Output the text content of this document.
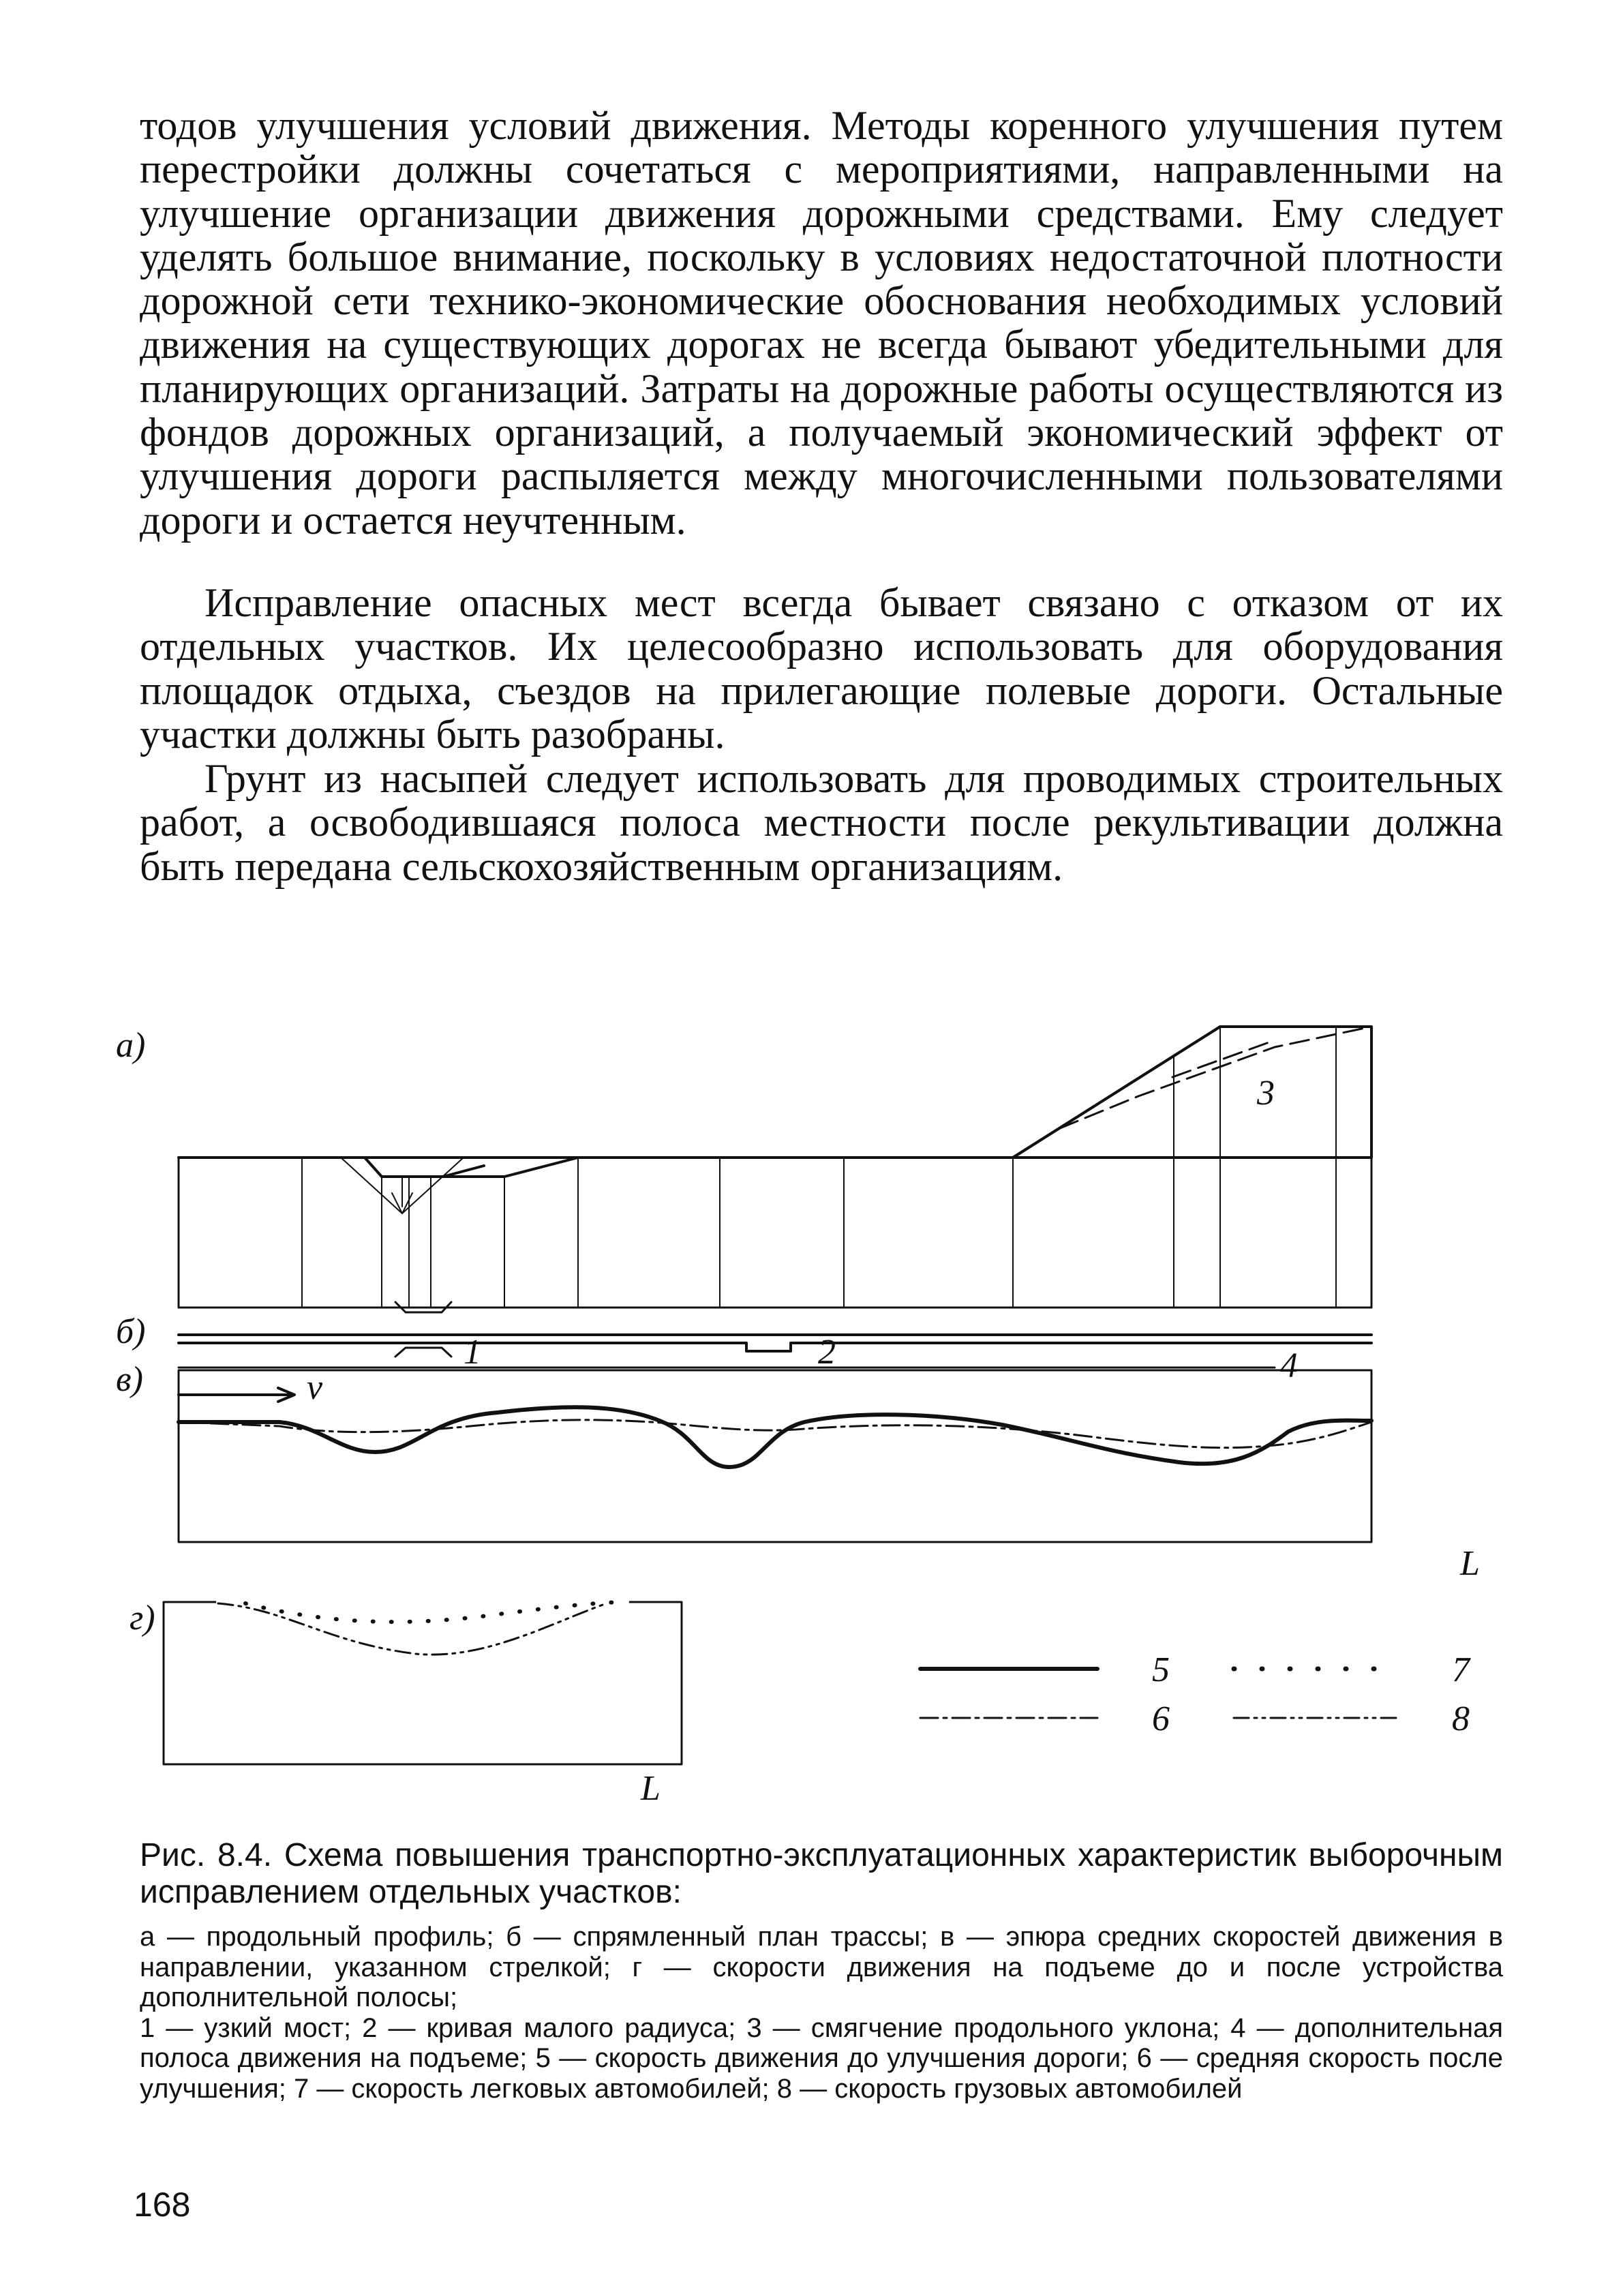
тодов улучшения условий движения. Методы коренного улучшения путем перестройки должны сочетаться с мероприятиями, направленными на улучшение организации движения дорожными средствами. Ему следует уделять большое внимание, поскольку в условиях недостаточной плотности дорожной сети технико-экономические обоснования необходимых условий движения на существующих дорогах не всегда бывают убедительными для планирующих организаций. Затраты на дорожные работы осуществляются из фондов дорожных организаций, а получаемый экономический эффект от улучшения дороги распыляется между многочисленными пользователями дороги и остается неучтенным.

Исправление опасных мест всегда бывает связано с отказом от их отдельных участков. Их целесообразно использовать для оборудования площадок отдыха, съездов на прилегающие полевые дороги. Остальные участки должны быть разобраны.

Грунт из насыпей следует использовать для проводимых строительных работ, а освободившаяся полоса местности после рекультивации должна быть передана сельскохозяйственным организациям.

а)
б)
в)
г)
3
1	2	4
v
L
L
5
6
7
8

Рис. 8.4. Схема повышения транспортно-эксплуатационных характеристик выборочным исправлением отдельных участков:

а — продольный профиль; б — спрямленный план трассы; в — эпюра средних скоростей движения в направлении, указанном стрелкой; г — скорости движения на подъеме до и после устройства дополнительной полосы;

1 — узкий мост; 2 — кривая малого радиуса; 3 — смягчение продольного уклона; 4 — дополнительная полоса движения на подъеме; 5 — скорость движения до улучшения дороги; 6 — средняя скорость после улучшения; 7 — скорость легковых автомобилей; 8 — скорость грузовых автомобилей

168
